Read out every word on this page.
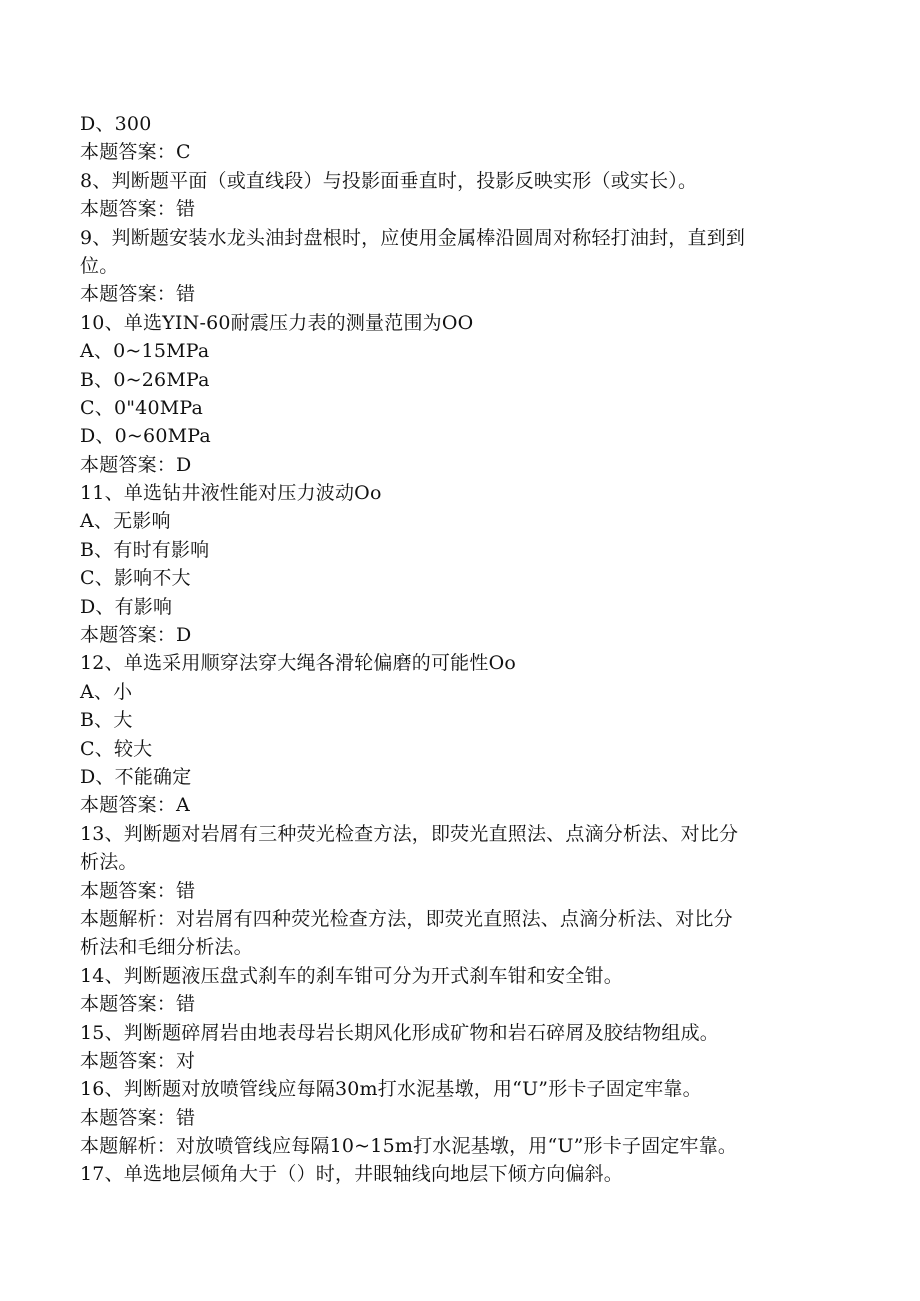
D、300
本题答案：C
8、判断题平面（或直线段）与投影面垂直时，投影反映实形（或实长）。
本题答案：错
9、判断题安装水龙头油封盘根时，应使用金属棒沿圆周对称轻打油封，直到到
位。
本题答案：错
10、单选YIN-60耐震压力表的测量范围为OO
A、0~15MPa
B、0~26MPa
C、0"40MPa
D、0~60MPa
本题答案：D
11、单选钻井液性能对压力波动Oo
A、无影响
B、有时有影响
C、影响不大
D、有影响
本题答案：D
12、单选采用顺穿法穿大绳各滑轮偏磨的可能性Oo
A、小
B、大
C、较大
D、不能确定
本题答案：A
13、判断题对岩屑有三种荧光检查方法，即荧光直照法、点滴分析法、对比分
析法。
本题答案：错
本题解析：对岩屑有四种荧光检查方法，即荧光直照法、点滴分析法、对比分
析法和毛细分析法。
14、判断题液压盘式刹车的刹车钳可分为开式刹车钳和安全钳。
本题答案：错
15、判断题碎屑岩由地表母岩长期风化形成矿物和岩石碎屑及胶结物组成。
本题答案：对
16、判断题对放喷管线应每隔30m打水泥基墩，用“U”形卡子固定牢靠。
本题答案：错
本题解析：对放喷管线应每隔10~15m打水泥基墩，用“U”形卡子固定牢靠。
17、单选地层倾角大于（）时，井眼轴线向地层下倾方向偏斜。
